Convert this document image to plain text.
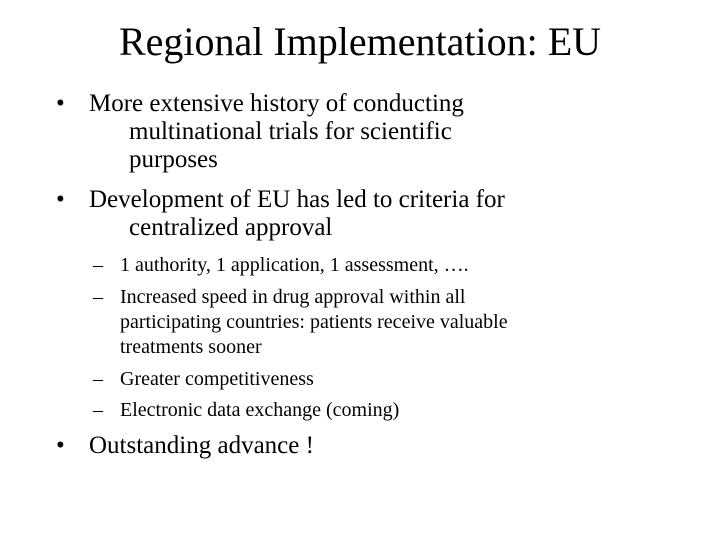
Regional Implementation: EU
• More extensive history of conducting
multinational trials for scientific
purposes
• Development of EU has led to criteria for
centralized approval
– 1 authority, 1 application, 1 assessment, ….
– Increased speed in drug approval within all
participating countries: patients receive valuable
treatments sooner
– Greater competitiveness
– Electronic data exchange (coming)
• Outstanding advance !
